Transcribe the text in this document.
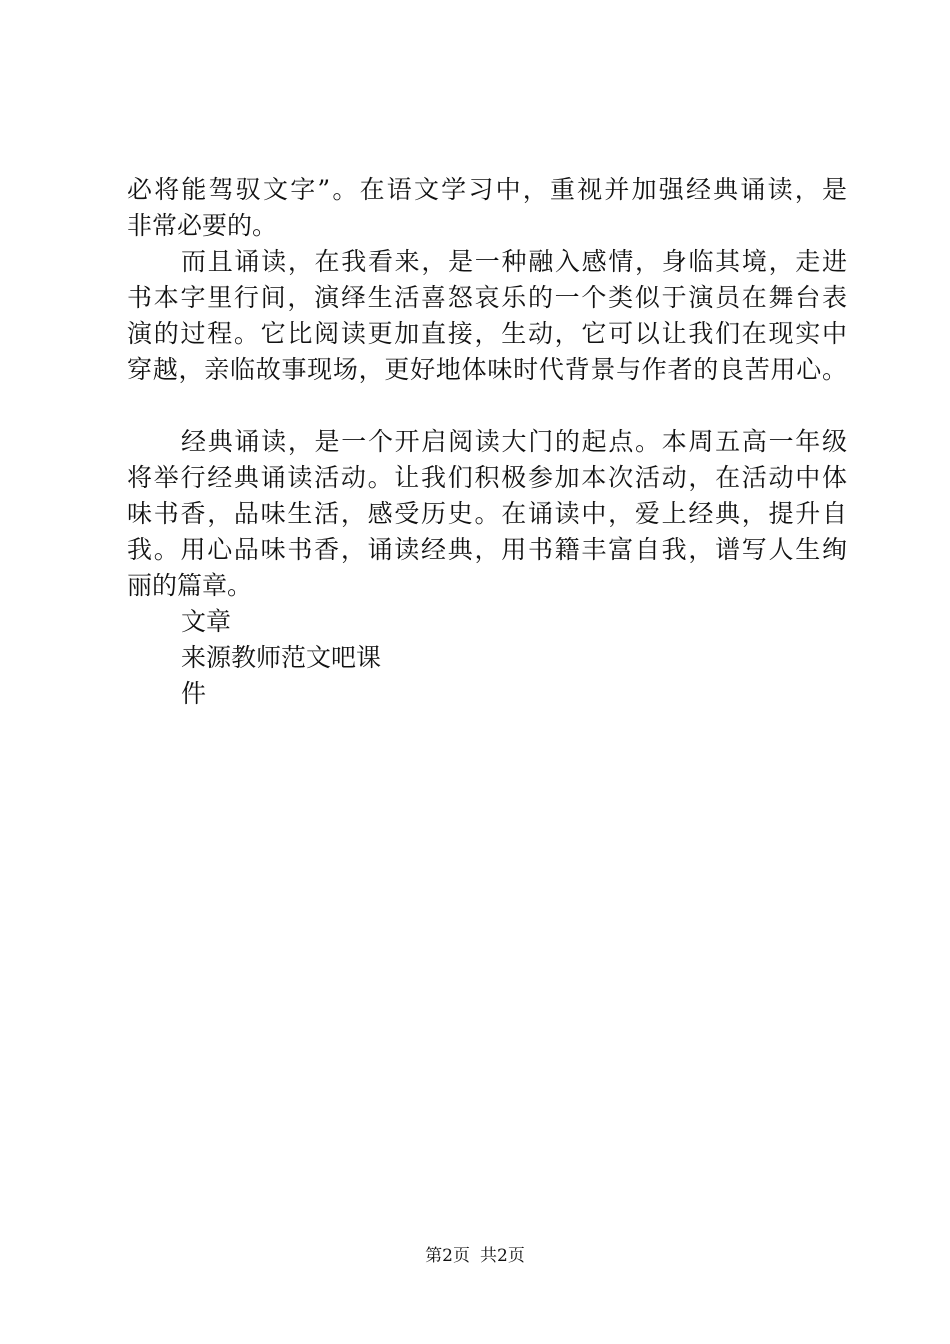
必将能驾驭文字”。在语文学习中，重视并加强经典诵读，是
非常必要的。
而且诵读，在我看来，是一种融入感情，身临其境，走进
书本字里行间，演绎生活喜怒哀乐的一个类似于演员在舞台表
演的过程。它比阅读更加直接，生动，它可以让我们在现实中
穿越，亲临故事现场，更好地体味时代背景与作者的良苦用心。
经典诵读，是一个开启阅读大门的起点。本周五高一年级
将举行经典诵读活动。让我们积极参加本次活动，在活动中体
味书香，品味生活，感受历史。在诵读中，爱上经典，提升自
我。用心品味书香，诵读经典，用书籍丰富自我，谱写人生绚
丽的篇章。
文章
来源教师范文吧课
件
第2页 共2页
